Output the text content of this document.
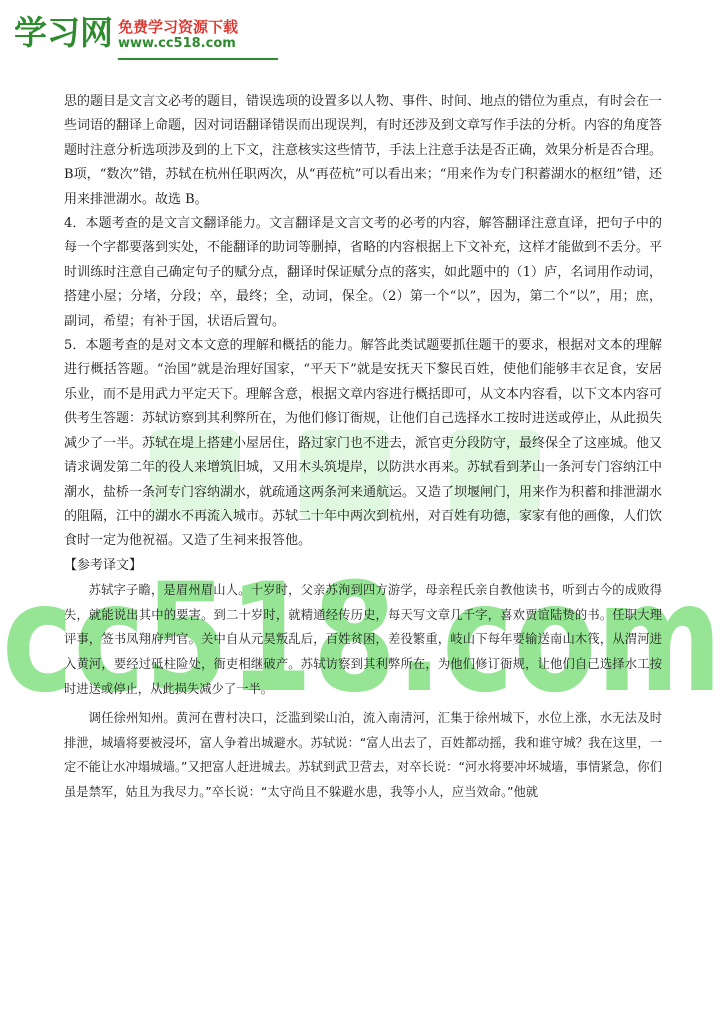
cc518.com
学习网 免费学习资源下载
www.cc518.com

思的题目是文言文必考的题目，错误选项的设置多以人物、事件、时间、地点的错位为重点，有时会在一些词语的翻译上命题，因对词语翻译错误而出现误判，有时还涉及到文章写作手法的分析。内容的角度答题时注意分析选项涉及到的上下文，注意核实这些情节，手法上注意手法是否正确，效果分析是否合理。B项，“数次”错，苏轼在杭州任职两次，从“再莅杭”可以看出来；“用来作为专门积蓄湖水的枢纽”错，还用来排泄湖水。故选 B。

4．本题考查的是文言文翻译能力。文言翻译是文言文考的必考的内容，解答翻译注意直译，把句子中的每一个字都要落到实处，不能翻译的助词等删掉，省略的内容根据上下文补充，这样才能做到不丢分。平时训练时注意自己确定句子的赋分点，翻译时保证赋分点的落实，如此题中的（1）庐，名词用作动词，搭建小屋；分堵，分段；卒，最终；全，动词，保全。（2）第一个“以”，因为，第二个“以”，用；庶，副词，希望；有补于国，状语后置句。

5．本题考查的是对文本文意的理解和概括的能力。解答此类试题要抓住题干的要求，根据对文本的理解进行概括答题。“治国”就是治理好国家，“平天下”就是安抚天下黎民百姓，使他们能够丰衣足食，安居乐业，而不是用武力平定天下。理解含意，根据文章内容进行概括即可，从文本内容看，以下文本内容可供考生答题：苏轼访察到其利弊所在，为他们修订衙规，让他们自己选择水工按时进送或停止，从此损失减少了一半。苏轼在堤上搭建小屋居住，路过家门也不进去，派官吏分段防守，最终保全了这座城。他又请求调发第二年的役人来增筑旧城，又用木头筑堤岸，以防洪水再来。苏轼看到茅山一条河专门容纳江中潮水，盐桥一条河专门容纳湖水，就疏通这两条河来通航运。又造了坝堰闸门，用来作为积蓄和排泄湖水的阻隔，江中的湖水不再流入城市。苏轼二十年中两次到杭州，对百姓有功德，家家有他的画像，人们饮食时一定为他祝福。又造了生祠来报答他。

【参考译文】

苏轼字子瞻，是眉州眉山人。十岁时，父亲苏洵到四方游学，母亲程氏亲自教他读书，听到古今的成败得失，就能说出其中的要害。到二十岁时，就精通经传历史，每天写文章几千字，喜欢贾谊陆贽的书。任职大理评事，签书凤翔府判官。关中自从元昊叛乱后，百姓贫困，差役繁重，岐山下每年要输送南山木筏，从渭河进入黄河，要经过砥柱险处，衙吏相继破产。苏轼访察到其利弊所在，为他们修订衙规，让他们自己选择水工按时进送或停止，从此损失减少了一半。

调任徐州知州。黄河在曹村决口，泛滥到梁山泊，流入南清河，汇集于徐州城下，水位上涨，水无法及时排泄，城墙将要被浸坏，富人争着出城避水。苏轼说：“富人出去了，百姓都动摇，我和谁守城？我在这里，一定不能让水冲塌城墙。”又把富人赶进城去。苏轼到武卫营去，对卒长说：“河水将要冲坏城墙，事情紧急，你们虽是禁军，姑且为我尽力。”卒长说：“太守尚且不躲避水患，我等小人，应当效命。”他就
